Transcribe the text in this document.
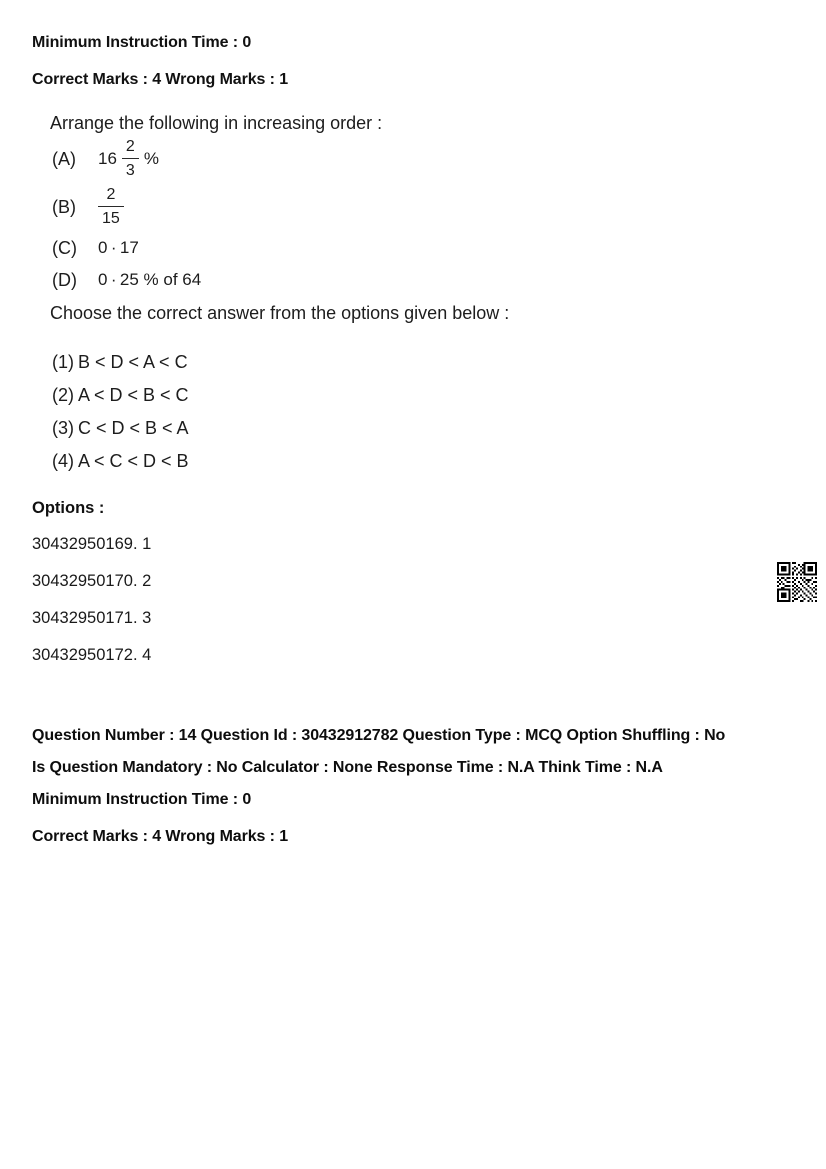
Minimum Instruction Time : 0
Correct Marks : 4 Wrong Marks : 1
Arrange the following in increasing order :
(A)	$16 \frac{2}{3}$ %
(B)	$\frac{2}{15}$
(C)	0 · 17
(D)	0 · 25 % of 64
Choose the correct answer from the options given below :
(1) B < D < A < C
(2) A < D < B < C
(3) C < D < B < A
(4) A < C < D < B
Options :
30432950169. 1
30432950170. 2
30432950171. 3
30432950172. 4
Question Number : 14 Question Id : 30432912782 Question Type : MCQ Option Shuffling : No
Is Question Mandatory : No Calculator : None Response Time : N.A Think Time : N.A
Minimum Instruction Time : 0
Correct Marks : 4 Wrong Marks : 1
